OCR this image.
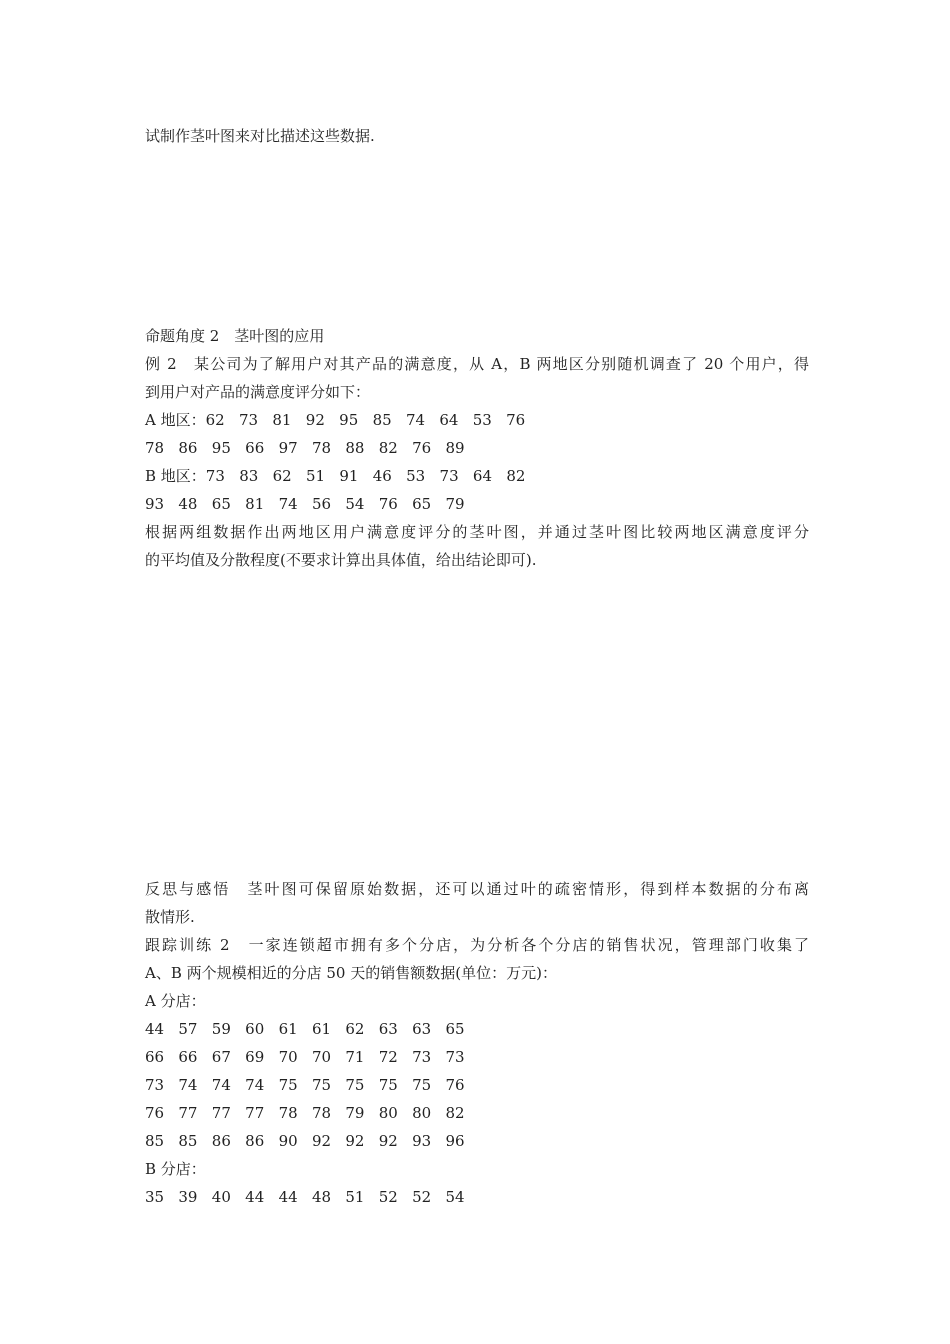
试制作茎叶图来对比描述这些数据.
命题角度 2　茎叶图的应用
例 2　某公司为了解用户对其产品的满意度，从 A，B 两地区分别随机调查了 20 个用户，得
到用户对产品的满意度评分如下：
A 地区：62 73 81 92 95 85 74 64 53 76
78 86 95 66 97 78 88 82 76 89
B 地区：73 83 62 51 91 46 53 73 64 82
93 48 65 81 74 56 54 76 65 79
根据两组数据作出两地区用户满意度评分的茎叶图，并通过茎叶图比较两地区满意度评分
的平均值及分散程度(不要求计算出具体值，给出结论即可).
反思与感悟　茎叶图可保留原始数据，还可以通过叶的疏密情形，得到样本数据的分布离
散情形.
跟踪训练 2　一家连锁超市拥有多个分店，为分析各个分店的销售状况，管理部门收集了
A、B 两个规模相近的分店 50 天的销售额数据(单位：万元)：
A 分店：
44 57 59 60 61 61 62 63 63 65
66 66 67 69 70 70 71 72 73 73
73 74 74 74 75 75 75 75 75 76
76 77 77 77 78 78 79 80 80 82
85 85 86 86 90 92 92 92 93 96
B 分店：
35 39 40 44 44 48 51 52 52 54
